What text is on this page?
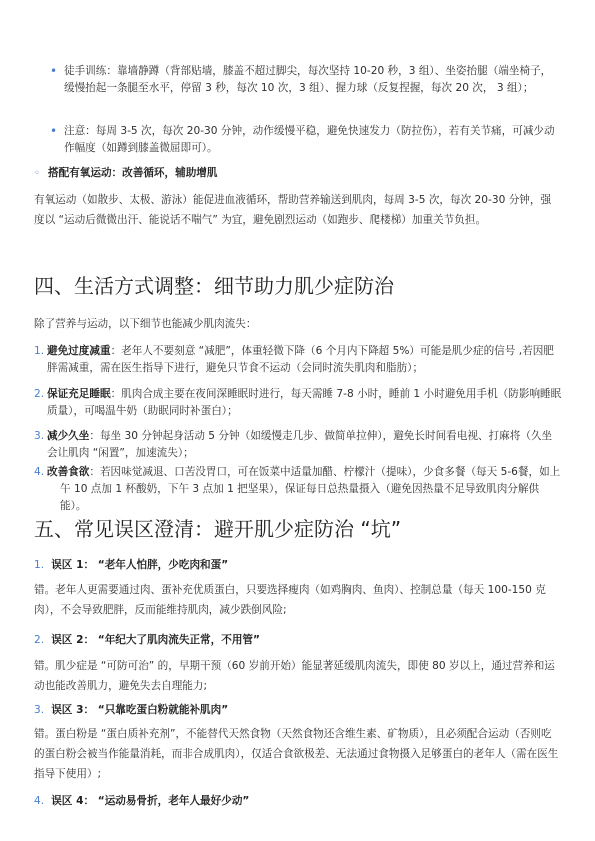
• 徒手训练：靠墙静蹲（背部贴墙，膝盖不超过脚尖，每次坚持 10-20 秒，3 组）、坐姿抬腿（端坐椅子，缓慢抬起一条腿至水平，停留 3 秒，每次 10 次，3 组）、握力球（反复捏握，每次 20 次， 3 组）；

• 注意：每周 3-5 次，每次 20-30 分钟，动作缓慢平稳，避免快速发力（防拉伤），若有关节痛，可减少动作幅度（如蹲到膝盖微屈即可）。

◦ 搭配有氧运动：改善循环，辅助增肌

有氧运动（如散步、太极、游泳）能促进血液循环，帮助营养输送到肌肉，每周 3-5 次，每次 20-30 分钟，强度以 “运动后微微出汗、能说话不喘气” 为宜，避免剧烈运动（如跑步、爬楼梯）加重关节负担。

四、生活方式调整：细节助力肌少症防治

除了营养与运动，以下细节也能减少肌肉流失：

1. 避免过度减重：老年人不要刻意 “减肥”，体重轻微下降（6 个月内下降超 5%）可能是肌少症的信号 ,若因肥胖需减重，需在医生指导下进行，避免只节食不运动（会同时流失肌肉和脂肪）；

2. 保证充足睡眠：肌肉合成主要在夜间深睡眠时进行，每天需睡 7-8 小时，睡前 1 小时避免用手机（防影响睡眠质量），可喝温牛奶（助眠同时补蛋白）；

3. 减少久坐：每坐 30 分钟起身活动 5 分钟（如缓慢走几步、做简单拉伸），避免长时间看电视、打麻将（久坐会让肌肉 “闲置”，加速流失）；

4. 改善食欲：若因味觉减退、口苦没胃口，可在饭菜中适量加醋、柠檬汁（提味），少食多餐（每天 5-6餐，如上午 10 点加 1 杯酸奶，下午 3 点加 1 把坚果），保证每日总热量摄入（避免因热量不足导致肌肉分解供能）。

五、常见误区澄清：避开肌少症防治 “坑”
1. 误区 1： “老年人怕胖，少吃肉和蛋”

错。老年人更需要通过肉、蛋补充优质蛋白，只要选择瘦肉（如鸡胸肉、鱼肉）、控制总量（每天 100-150 克肉），不会导致肥胖，反而能维持肌肉，减少跌倒风险;

2. 误区 2： “年纪大了肌肉流失正常，不用管”

错。肌少症是 “可防可治” 的，早期干预（60 岁前开始）能显著延缓肌肉流失，即使 80 岁以上，通过营养和运动也能改善肌力，避免失去自理能力;

3. 误区 3： “只靠吃蛋白粉就能补肌肉”

错。蛋白粉是 “蛋白质补充剂”，不能替代天然食物（天然食物还含维生素、矿物质），且必须配合运动（否则吃的蛋白粉会被当作能量消耗，而非合成肌肉），仅适合食欲极差、无法通过食物摄入足够蛋白的老年人（需在医生指导下使用）;

4. 误区 4： “运动易骨折，老年人最好少动”
